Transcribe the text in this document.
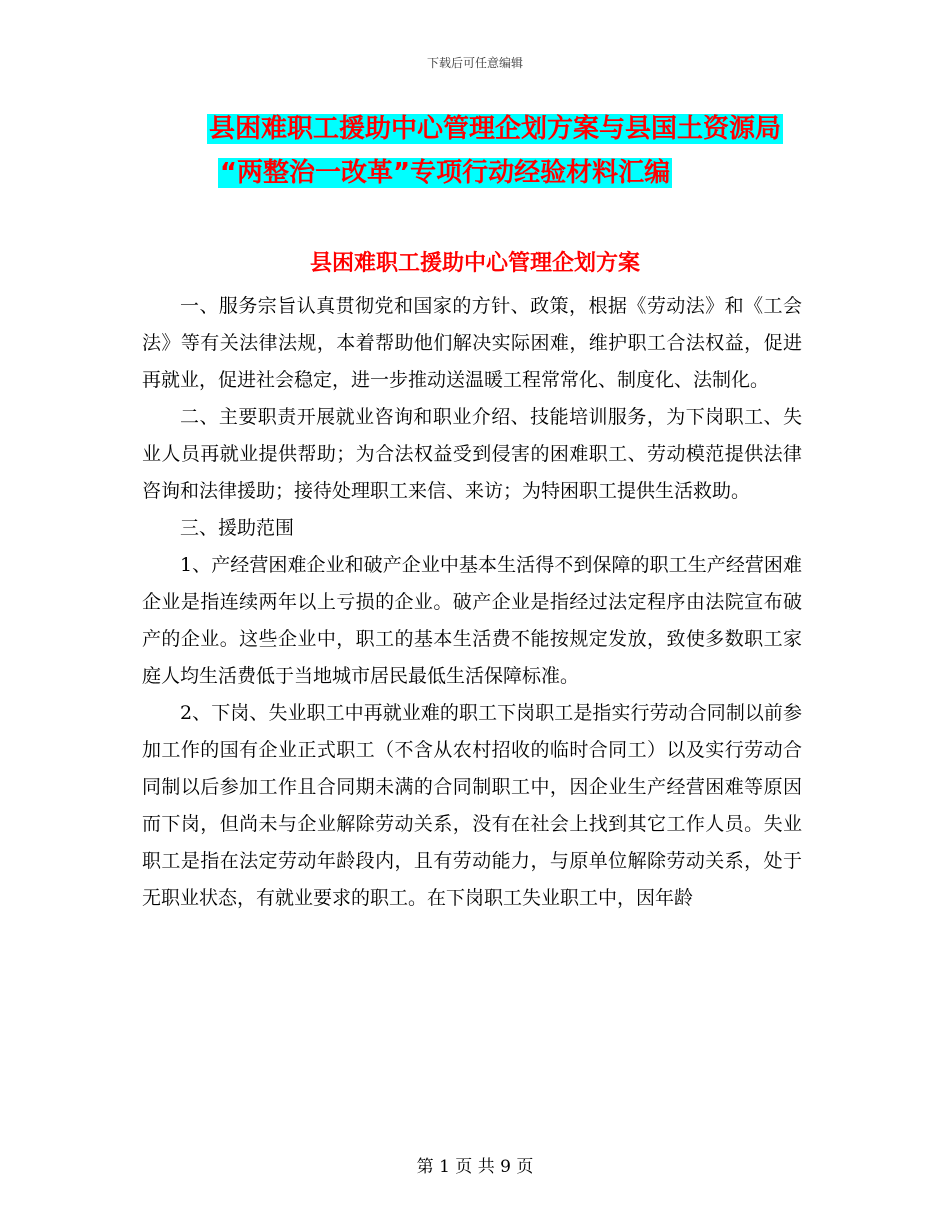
下载后可任意编辑
县困难职工援助中心管理企划方案与县国土资源局
“两整治一改革”专项行动经验材料汇编
县困难职工援助中心管理企划方案

一、服务宗旨认真贯彻党和国家的方针、政策，根据《劳动法》和《工会法》等有关法律法规，本着帮助他们解决实际困难，维护职工合法权益，促进再就业，促进社会稳定，进一步推动送温暖工程常常化、制度化、法制化。

二、主要职责开展就业咨询和职业介绍、技能培训服务，为下岗职工、失业人员再就业提供帮助；为合法权益受到侵害的困难职工、劳动模范提供法律咨询和法律援助；接待处理职工来信、来访；为特困职工提供生活救助。

三、援助范围

1、产经营困难企业和破产企业中基本生活得不到保障的职工生产经营困难企业是指连续两年以上亏损的企业。破产企业是指经过法定程序由法院宣布破产的企业。这些企业中，职工的基本生活费不能按规定发放，致使多数职工家庭人均生活费低于当地城市居民最低生活保障标准。

2、下岗、失业职工中再就业难的职工下岗职工是指实行劳动合同制以前参加工作的国有企业正式职工（不含从农村招收的临时合同工）以及实行劳动合同制以后参加工作且合同期未满的合同制职工中，因企业生产经营困难等原因而下岗，但尚未与企业解除劳动关系，没有在社会上找到其它工作人员。失业职工是指在法定劳动年龄段内，且有劳动能力，与原单位解除劳动关系，处于无职业状态，有就业要求的职工。在下岗职工失业职工中，因年龄

第 1 页 共 9 页
